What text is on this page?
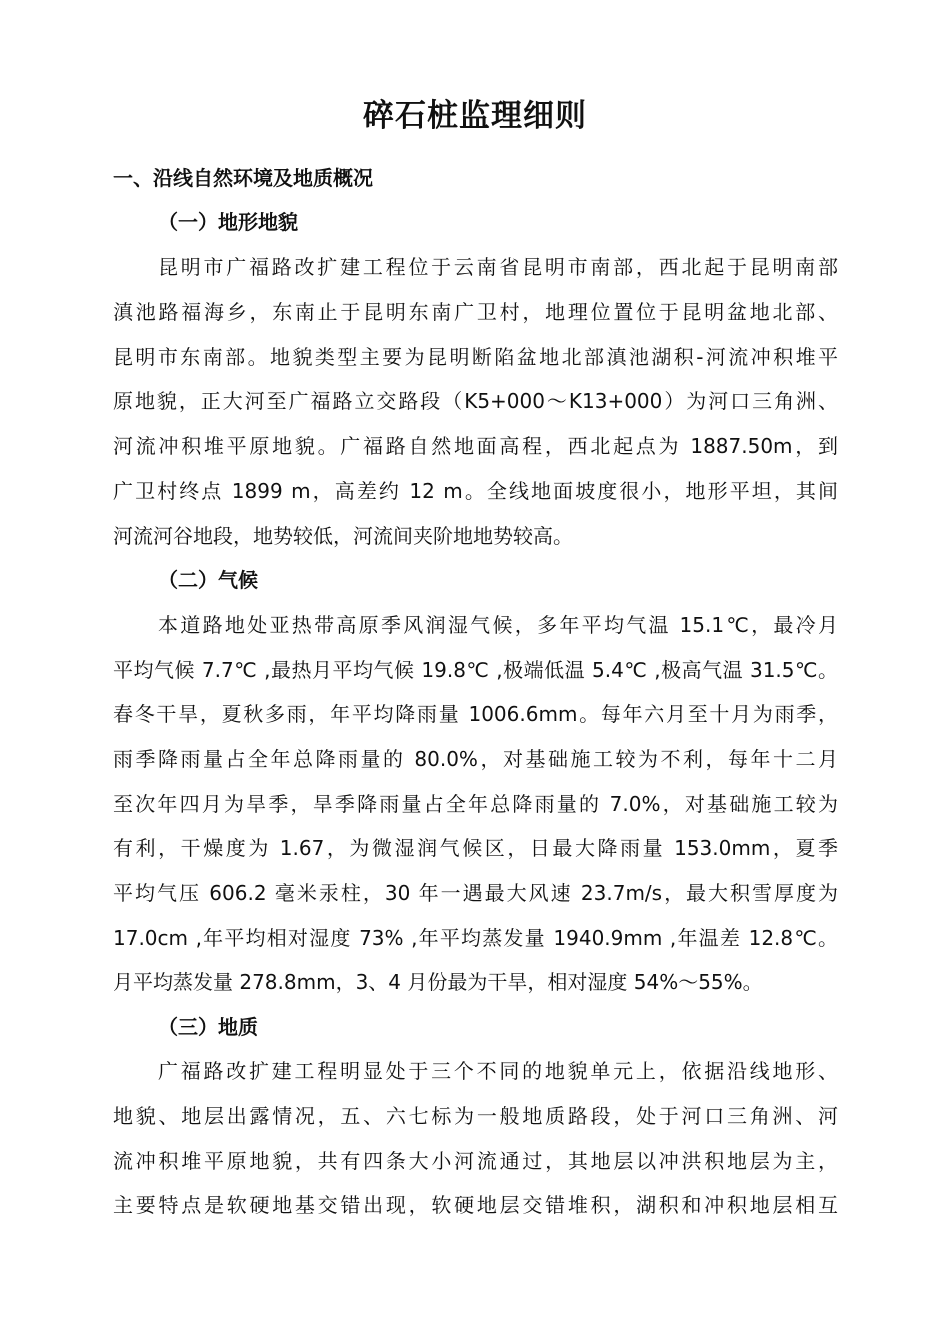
碎石桩监理细则
一、沿线自然环境及地质概况
（一）地形地貌
昆明市广福路改扩建工程位于云南省昆明市南部，西北起于昆明南部
滇池路福海乡，东南止于昆明东南广卫村，地理位置位于昆明盆地北部、
昆明市东南部。地貌类型主要为昆明断陷盆地北部滇池湖积-河流冲积堆平
原地貌，正大河至广福路立交路段（K5+000～K13+000）为河口三角洲、
河流冲积堆平原地貌。广福路自然地面高程，西北起点为 1887.50m，到
广卫村终点 1899 m，高差约 12 m。全线地面坡度很小，地形平坦，其间
河流河谷地段，地势较低，河流间夹阶地地势较高。
（二）气候
本道路地处亚热带高原季风润湿气候，多年平均气温 15.1℃，最冷月
平均气候 7.7℃ ,最热月平均气候 19.8℃ ,极端低温 5.4℃ ,极高气温 31.5℃。
春冬干旱，夏秋多雨，年平均降雨量 1006.6mm。每年六月至十月为雨季，
雨季降雨量占全年总降雨量的 80.0%，对基础施工较为不利，每年十二月
至次年四月为旱季，旱季降雨量占全年总降雨量的 7.0%，对基础施工较为
有利，干燥度为 1.67，为微湿润气候区，日最大降雨量 153.0mm，夏季
平均气压 606.2 毫米汞柱，30 年一遇最大风速 23.7m/s，最大积雪厚度为
17.0cm ,年平均相对湿度 73% ,年平均蒸发量 1940.9mm ,年温差 12.8℃。
月平均蒸发量 278.8mm，3、4 月份最为干旱，相对湿度 54%～55%。
（三）地质
广福路改扩建工程明显处于三个不同的地貌单元上，依据沿线地形、
地貌、地层出露情况，五、六七标为一般地质路段，处于河口三角洲、河
流冲积堆平原地貌，共有四条大小河流通过，其地层以冲洪积地层为主，
主要特点是软硬地基交错出现，软硬地层交错堆积，湖积和冲积地层相互
